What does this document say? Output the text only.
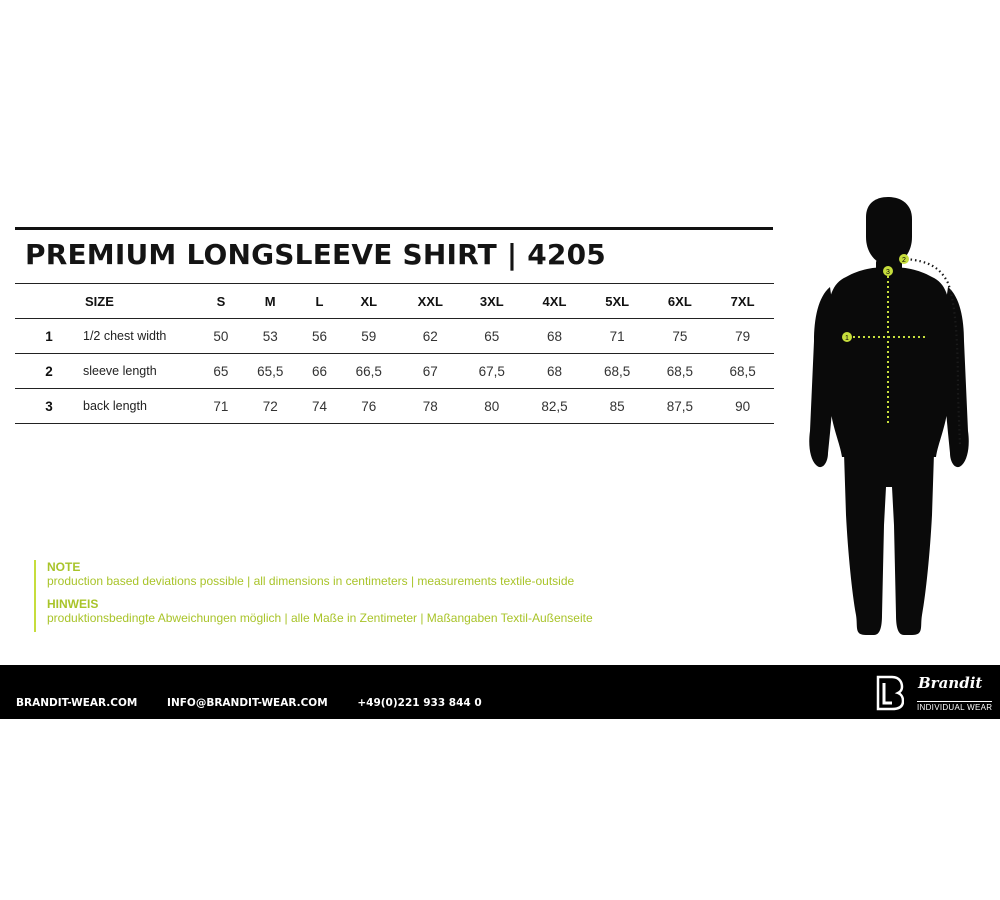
PREMIUM LONGSLEEVE SHIRT | 4205
	SIZE	S	M	L	XL	XXL	3XL	4XL	5XL	6XL	7XL
1	1/2 chest width	50	53	56	59	62	65	68	71	75	79
2	sleeve length	65	65,5	66	66,5	67	67,5	68	68,5	68,5	68,5
3	back length	71	72	74	76	78	80	82,5	85	87,5	90
NOTE
production based deviations possible | all dimensions in centimeters | measurements textile-outside
HINWEIS
produktionsbedingte Abweichungen möglich | alle Maße in Zentimeter | Maßangaben Textil-Außenseite
1
2
3
BRANDIT-WEAR.COM	INFO@BRANDIT-WEAR.COM	+49(0)221 933 844 0
Brandit
INDIVIDUAL WEAR
